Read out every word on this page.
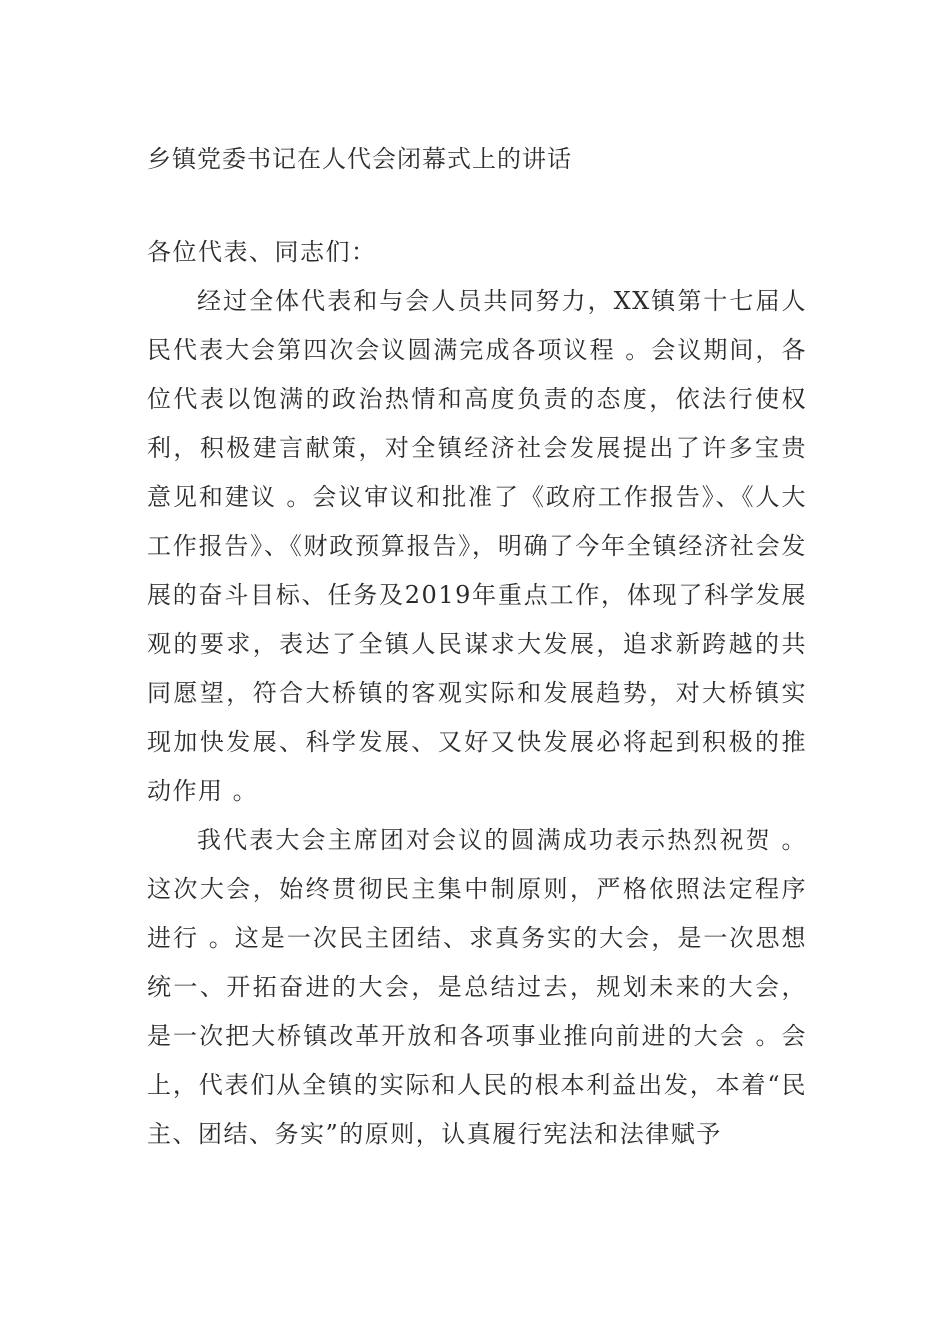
乡镇党委书记在人代会闭幕式上的讲话

各位代表、同志们：

经过全体代表和与会人员共同努力，XX镇第十七届人民代表大会第四次会议圆满完成各项议程 。会议期间，各位代表以饱满的政治热情和高度负责的态度，依法行使权利，积极建言献策，对全镇经济社会发展提出了许多宝贵意见和建议 。会议审议和批准了《政府工作报告》、《人大工作报告》、《财政预算报告》，明确了今年全镇经济社会发展的奋斗目标、任务及2019年重点工作，体现了科学发展观的要求，表达了全镇人民谋求大发展，追求新跨越的共同愿望，符合大桥镇的客观实际和发展趋势，对大桥镇实现加快发展、科学发展、又好又快发展必将起到积极的推动作用 。

我代表大会主席团对会议的圆满成功表示热烈祝贺 。这次大会，始终贯彻民主集中制原则，严格依照法定程序进行 。这是一次民主团结、求真务实的大会，是一次思想统一、开拓奋进的大会，是总结过去，规划未来的大会，是一次把大桥镇改革开放和各项事业推向前进的大会 。会上，代表们从全镇的实际和人民的根本利益出发，本着“民主、团结、务实”的原则，认真履行宪法和法律赋予
